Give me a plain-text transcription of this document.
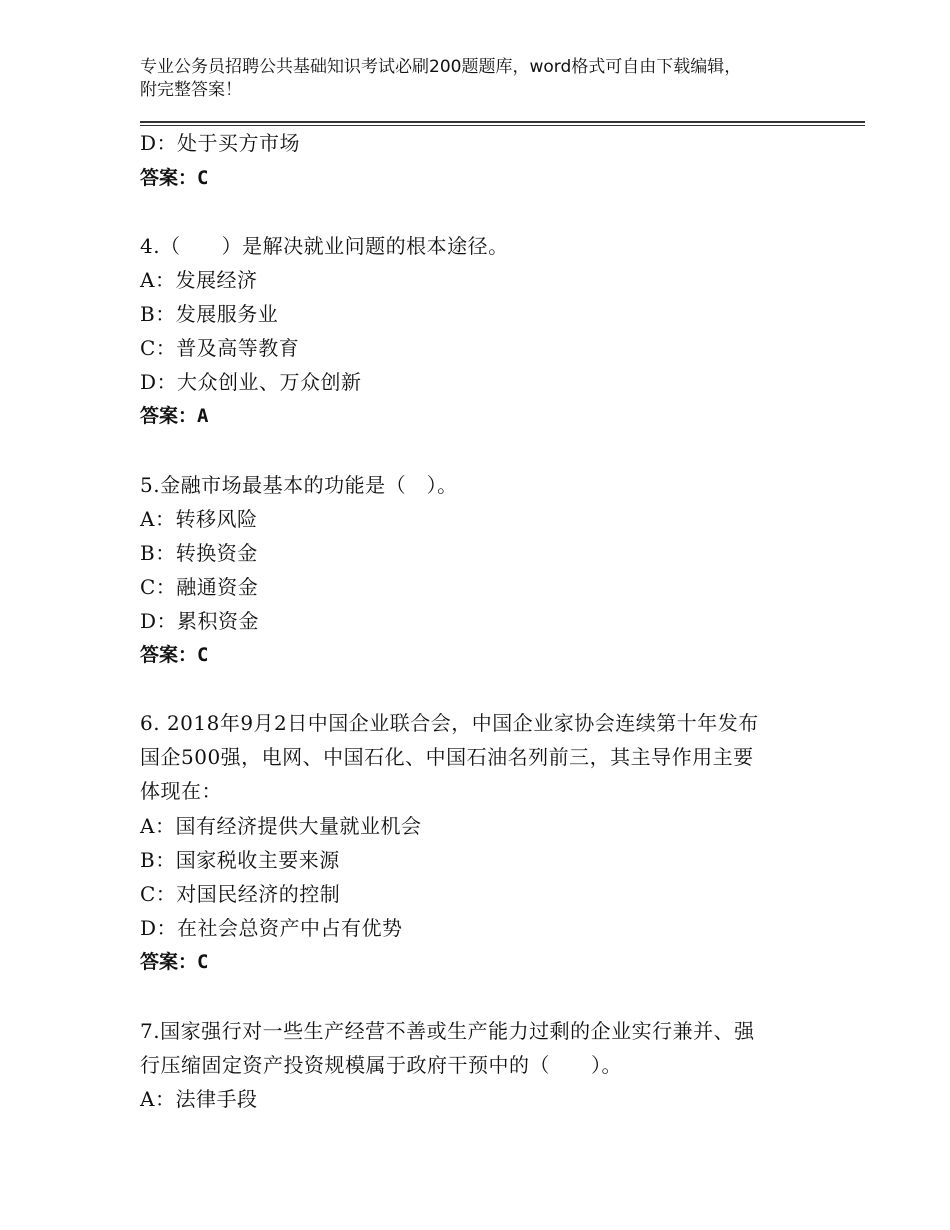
专业公务员招聘公共基础知识考试必刷200题题库，word格式可自由下载编辑，
附完整答案！
D：处于买方市场
答案：C
4.（　　）是解决就业问题的根本途径。
A：发展经济
B：发展服务业
C：普及高等教育
D：大众创业、万众创新
答案：A
5.金融市场最基本的功能是（　）。
A：转移风险
B：转换资金
C：融通资金
D：累积资金
答案：C
6. 2018年9月2日中国企业联合会，中国企业家协会连续第十年发布
国企500强，电网、中国石化、中国石油名列前三，其主导作用主要
体现在：
A：国有经济提供大量就业机会
B：国家税收主要来源
C：对国民经济的控制
D：在社会总资产中占有优势
答案：C
7.国家强行对一些生产经营不善或生产能力过剩的企业实行兼并、强
行压缩固定资产投资规模属于政府干预中的（　　）。
A：法律手段
